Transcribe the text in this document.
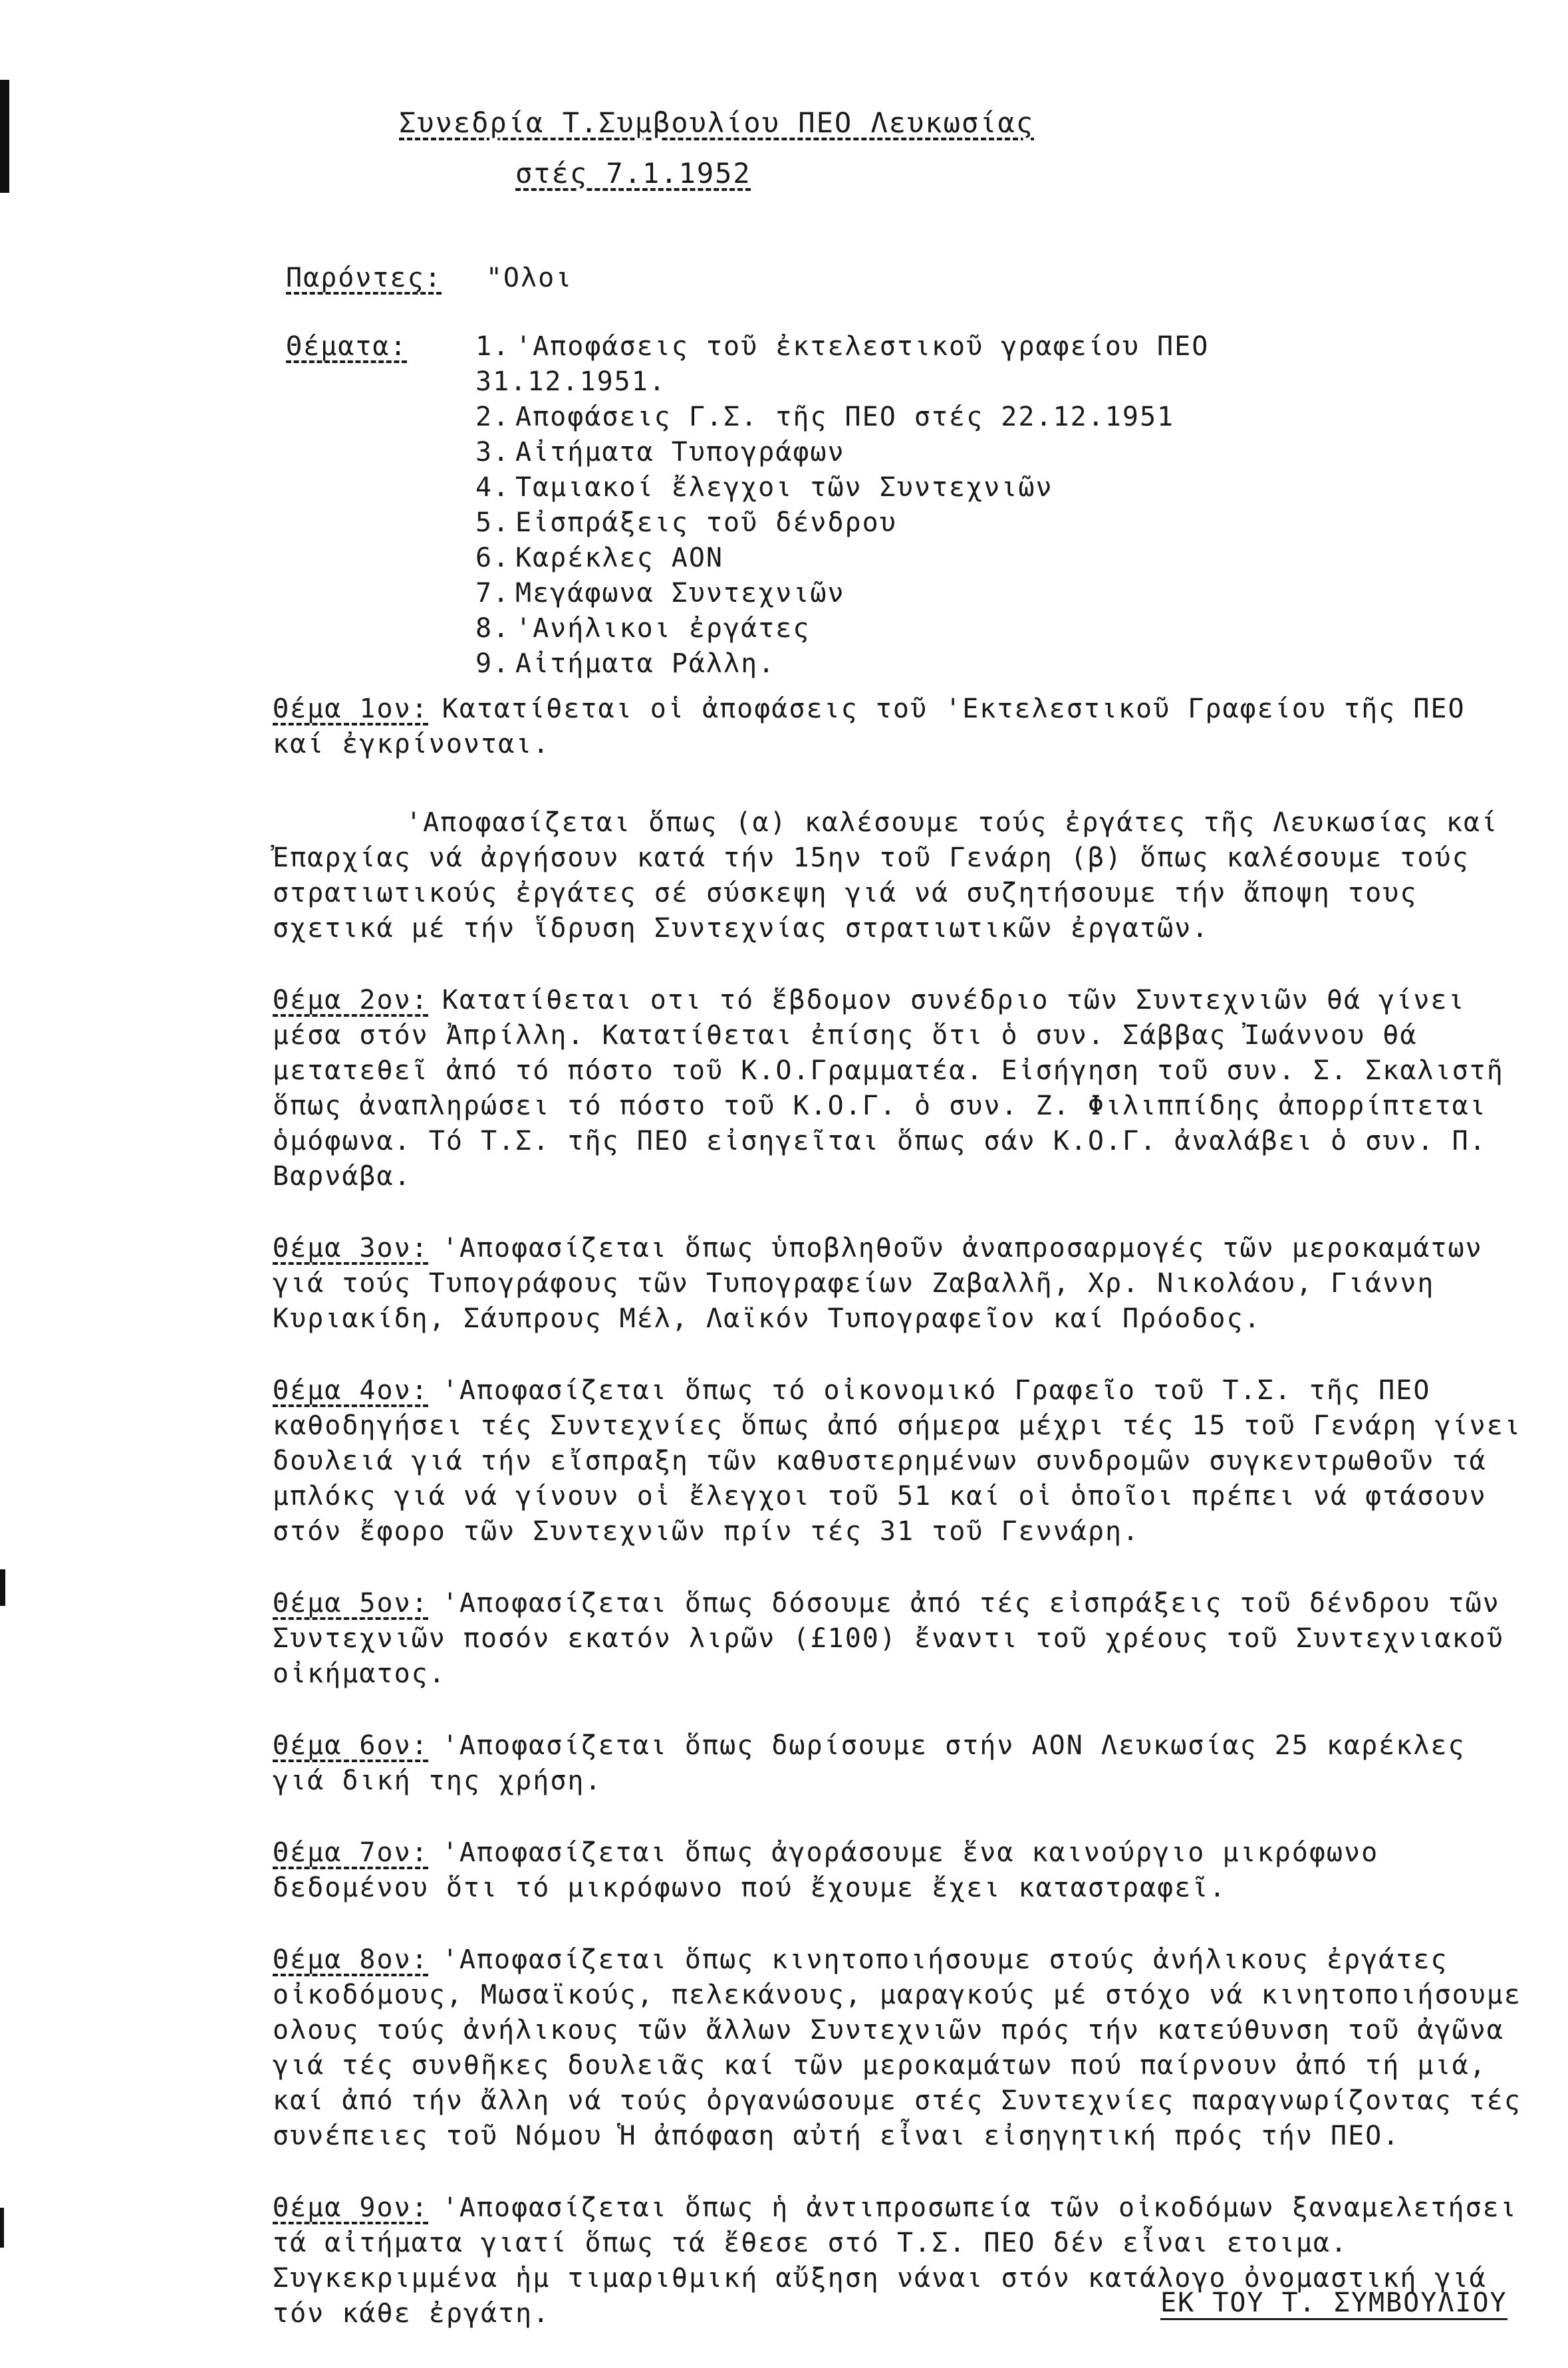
Συνεδρία Τ.Συμβουλίου ΠΕΟ Λευκωσίας
στές 7.1.1952
Παρόντες: "Ολοι
Θέματα:	1. 'Αποφάσεις τοῦ ἐκτελεστικοῦ γραφείου ΠΕΟ
31.12.1951.
2. Αποφάσεις Γ.Σ. τῆς ΠΕΟ στές 22.12.1951
3. Αἰτήματα Τυπογράφων
4. Ταμιακοί ἔλεγχοι τῶν Συντεχνιῶν
5. Εἰσπράξεις τοῦ δένδρου
6. Καρέκλες ΑΟΝ
7. Μεγάφωνα Συντεχνιῶν
8. 'Ανήλικοι ἐργάτες
9. Αἰτήματα Ράλλη.

Θέμα 1ον: Κατατίθεται οἱ ἀποφάσεις τοῦ 'Εκτελεστικοῦ Γραφείου τῆς ΠΕΟ καί ἐγκρίνονται.

'Αποφασίζεται ὅπως (α) καλέσουμε τούς ἐργάτες τῆς Λευκωσίας καί Ἐπαρχίας νά ἀργήσουν κατά τήν 15ην τοῦ Γενάρη (β) ὅπως καλέσουμε τούς στρατιωτικούς ἐργάτες σέ σύσκεψη γιά νά συζητήσουμε τήν ἄποψη τους σχετικά μέ τήν ἵδρυση Συντεχνίας στρατιωτικῶν ἐργατῶν.

Θέμα 2ον: Κατατίθεται οτι τό ἕβδομον συνέδριο τῶν Συντεχνιῶν θά γίνει μέσα στόν Ἀπρίλλη. Κατατίθεται ἐπίσης ὅτι ὁ συν. Σάββας Ἰωάννου θά μετατεθεῖ ἀπό τό πόστο τοῦ Κ.Ο.Γραμματέα. Εἰσήγηση τοῦ συν. Σ. Σκαλιστῆ ὅπως ἀναπληρώσει τό πόστο τοῦ Κ.Ο.Γ. ὁ συν. Ζ. Φιλιππίδης ἀπορρίπτεται ὁμόφωνα. Τό Τ.Σ. τῆς ΠΕΟ εἰσηγεῖται ὅπως σάν Κ.Ο.Γ. ἀναλάβει ὁ συν. Π. Βαρνάβα.

Θέμα 3ον: 'Αποφασίζεται ὅπως ὑποβληθοῦν ἀναπροσαρμογές τῶν μεροκαμάτων γιά τούς Τυπογράφους τῶν Τυπογραφείων Ζαβαλλῆ, Χρ. Νικολάου, Γιάννη Κυριακίδη, Σάυπρους Μέλ, Λαϊκόν Τυπογραφεῖον καί Πρόοδος.

Θέμα 4ον: 'Αποφασίζεται ὅπως τό οἰκονομικό Γραφεῖο τοῦ Τ.Σ. τῆς ΠΕΟ καθοδηγήσει τές Συντεχνίες ὅπως ἀπό σήμερα μέχρι τές 15 τοῦ Γενάρη γίνει δουλειά γιά τήν εἴσπραξη τῶν καθυστερημένων συνδρομῶν συγκεντρωθοῦν τά μπλόκς γιά νά γίνουν οἱ ἔλεγχοι τοῦ 51 καί οἱ ὁποῖοι πρέπει νά φτάσουν στόν ἔφορο τῶν Συντεχνιῶν πρίν τές 31 τοῦ Γεννάρη.

Θέμα 5ον: 'Αποφασίζεται ὅπως δόσουμε ἀπό τές εἰσπράξεις τοῦ δένδρου τῶν Συντεχνιῶν ποσόν εκατόν λιρῶν (£100) ἔναντι τοῦ χρέους τοῦ Συντεχνιακοῦ οἰκήματος.

Θέμα 6ον: 'Αποφασίζεται ὅπως δωρίσουμε στήν ΑΟΝ Λευκωσίας 25 καρέκλες γιά δική της χρήση.

Θέμα 7ον: 'Αποφασίζεται ὅπως ἀγοράσουμε ἕνα καινούργιο μικρόφωνο δεδομένου ὅτι τό μικρόφωνο πού ἔχουμε ἔχει καταστραφεῖ.

Θέμα 8ον: 'Αποφασίζεται ὅπως κινητοποιήσουμε στούς ἀνήλικους ἐργάτες οἰκοδόμους, Μωσαϊκούς, πελεκάνους, μαραγκούς μέ στόχο νά κινητοποιήσουμε ολους τούς ἀνήλικους τῶν ἄλλων Συντεχνιῶν πρός τήν κατεύθυνση τοῦ ἀγῶνα γιά τές συνθῆκες δουλειᾶς καί τῶν μεροκαμάτων πού παίρνουν ἀπό τή μιά, καί ἀπό τήν ἄλλη νά τούς ὀργανώσουμε στές Συντεχνίες παραγνωρίζοντας τές συνέπειες τοῦ Νόμου Ἡ ἀπόφαση αὐτή εἶναι εἰσηγητική πρός τήν ΠΕΟ.

Θέμα 9ον: 'Αποφασίζεται ὅπως ἡ ἀντιπροσωπεία τῶν οἰκοδόμων ξαναμελετήσει τά αἰτήματα γιατί ὅπως τά ἔθεσε στό Τ.Σ. ΠΕΟ δέν εἶναι ετοιμα. Συγκεκριμμένα ἡμ τιμαριθμική αὔξηση νάναι στόν κατάλογο ὀνομαστική γιά τόν κάθε ἐργάτη.	ΕΚ ΤΟΥ Τ. ΣΥΜΒΟΥΛΙΟΥ
